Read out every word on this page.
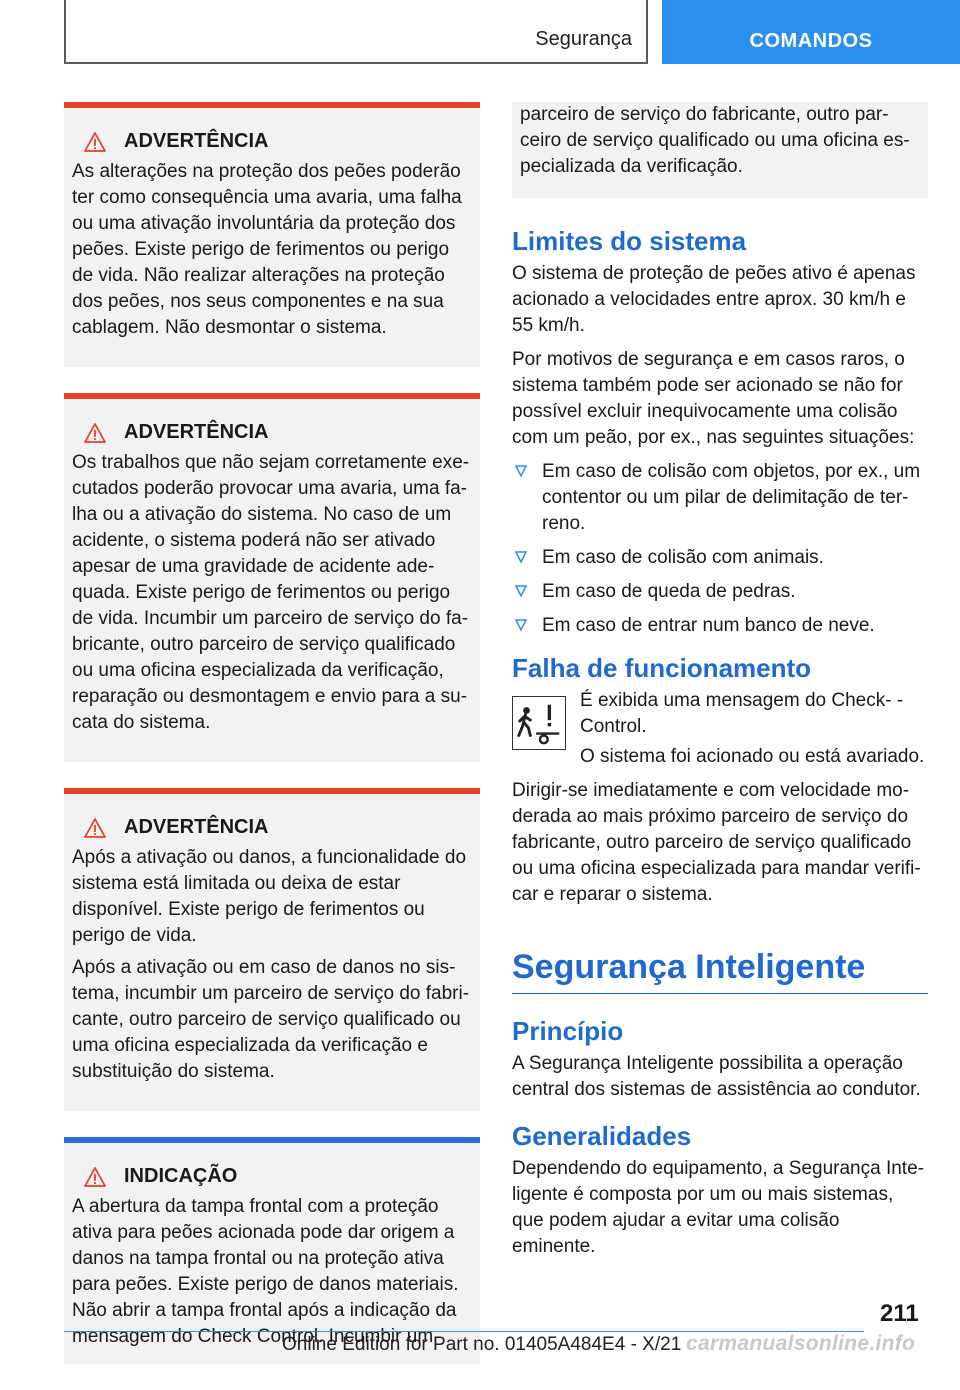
Segurança	COMANDOS
ADVERTÊNCIA

As alterações na proteção dos peões poderão ter como consequência uma avaria, uma falha ou uma ativação involuntária da proteção dos peões. Existe perigo de ferimentos ou perigo de vida. Não realizar alterações na proteção dos peões, nos seus componentes e na sua cablagem. Não desmontar o sistema.

ADVERTÊNCIA

Os trabalhos que não sejam corretamente executados poderão provocar uma avaria, uma falha ou a ativação do sistema. No caso de um acidente, o sistema poderá não ser ativado apesar de uma gravidade de acidente adequada. Existe perigo de ferimentos ou perigo de vida. Incumbir um parceiro de serviço do fabricante, outro parceiro de serviço qualificado ou uma oficina especializada da verificação, reparação ou desmontagem e envio para a sucata do sistema.

ADVERTÊNCIA

Após a ativação ou danos, a funcionalidade do sistema está limitada ou deixa de estar disponível. Existe perigo de ferimentos ou perigo de vida.

Após a ativação ou em caso de danos no sistema, incumbir um parceiro de serviço do fabricante, outro parceiro de serviço qualificado ou uma oficina especializada da verificação e substituição do sistema.

INDICAÇÃO

A abertura da tampa frontal com a proteção ativa para peões acionada pode dar origem a danos na tampa frontal ou na proteção ativa para peões. Existe perigo de danos materiais. Não abrir a tampa frontal após a indicação da mensagem do Check Control. Incumbir um

parceiro de serviço do fabricante, outro parceiro de serviço qualificado ou uma oficina especializada da verificação.

Limites do sistema

O sistema de proteção de peões ativo é apenas acionado a velocidades entre aprox. 30 km/h e 55 km/h.

Por motivos de segurança e em casos raros, o sistema também pode ser acionado se não for possível excluir inequivocamente uma colisão com um peão, por ex., nas seguintes situações:

Em caso de colisão com objetos, por ex., um contentor ou um pilar de delimitação de terreno.
Em caso de colisão com animais.
Em caso de queda de pedras.
Em caso de entrar num banco de neve.
Falha de funcionamento

É exibida uma mensagem do Check- -Control.

O sistema foi acionado ou está avariado.

Dirigir-se imediatamente e com velocidade moderada ao mais próximo parceiro de serviço do fabricante, outro parceiro de serviço qualificado ou uma oficina especializada para mandar verificar e reparar o sistema.

Segurança Inteligente
Princípio

A Segurança Inteligente possibilita a operação central dos sistemas de assistência ao condutor.

Generalidades

Dependendo do equipamento, a Segurança Inteligente é composta por um ou mais sistemas, que podem ajudar a evitar uma colisão eminente.

211
Online Edition for Part no. 01405A484E4 - X/21 carmanualsonline.info
